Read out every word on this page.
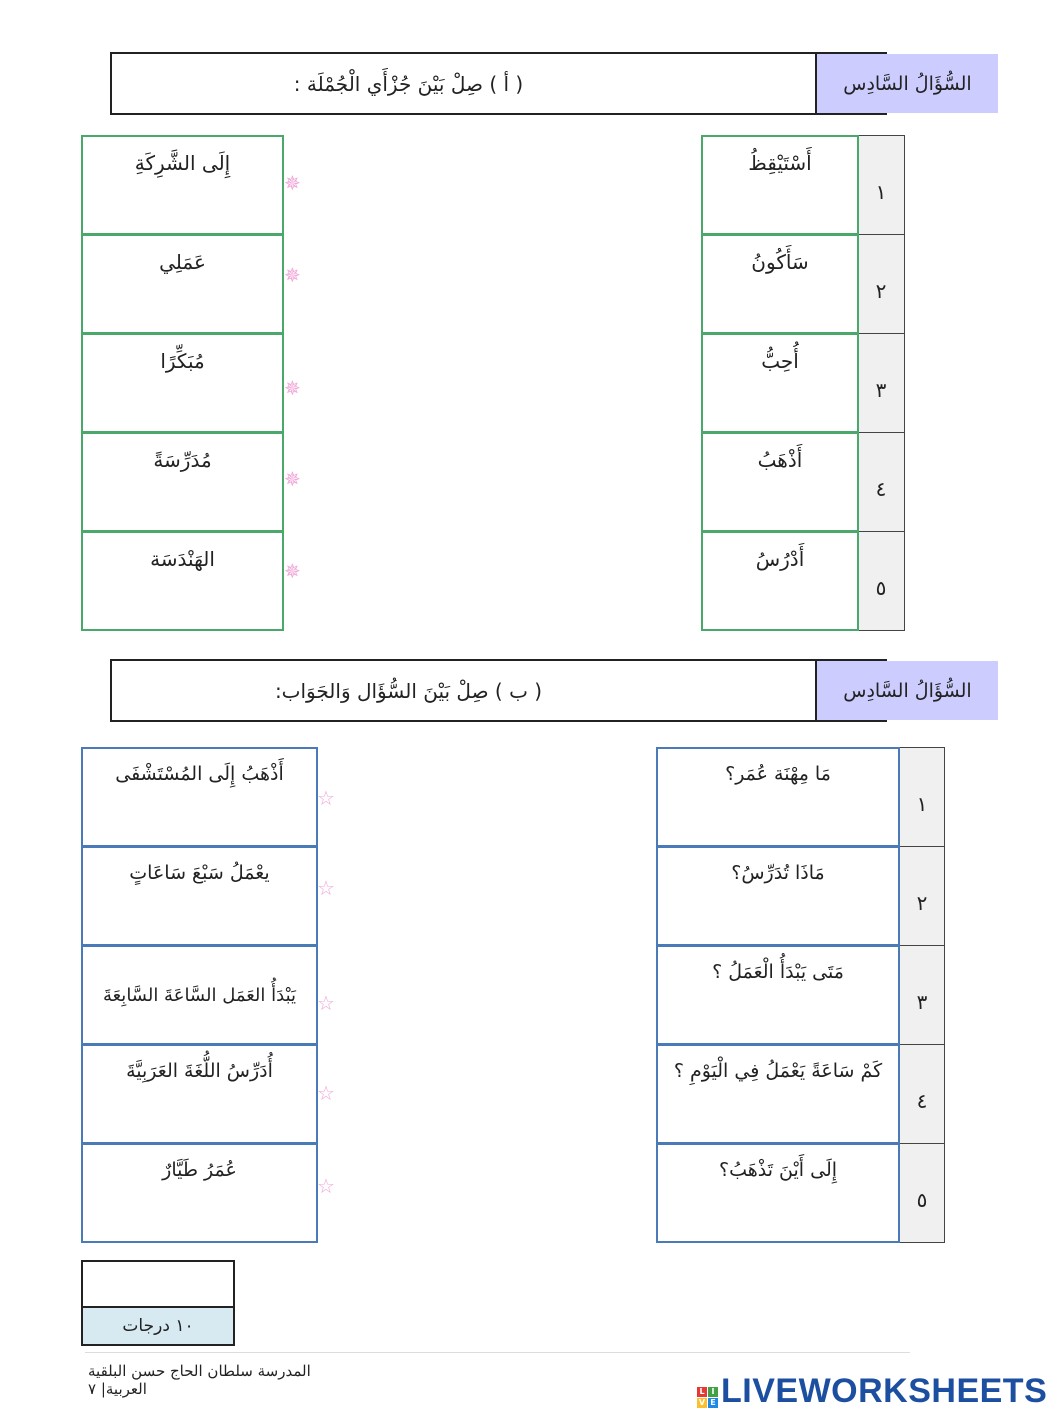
( أ ) صِلْ بَيْنَ جُزْأَي الْجُمْلَة :	السُّؤَالُ السَّادِس
١
أَسْتَيْقِظُ
إِلَى الشَّرِكَةِ
✵
٢
سَأَكُونُ
عَمَلِي
✵
٣
أُحِبُّ
مُبَكِّرًا
✵
٤
أَذْهَبُ
مُدَرِّسَةً
✵
٥
أَدْرُسُ
الهَنْدَسَة	✵
( ب ) صِلْ بَيْنَ السُّؤَال وَالجَوَاب:	السُّؤَالُ السَّادِس
١
مَا مِهْنَة عُمَر؟
أَذْهَبُ إِلَى المُسْتَشْفَى
☆
٢
مَاذَا تُدَرِّسُ؟
يعْمَلُ سَبْعَ سَاعَاتٍ
☆
٣
مَتَى يَبْدَأُ الْعَمَلُ ؟
يَبْدَأُ العَمَل السَّاعَةَ السَّابِعَةَ	☆
٤
كَمْ سَاعَةً يَعْمَلُ فِي الْيَوْمِ ؟
أُدَرِّسُ اللُّغَةَ العَرَبِيَّةَ
☆
٥
إِلَى أَيْنَ تَذْهَبُ؟
عُمَرُ طَيَّارٌ
☆
١٠ درجات
المدرسة سلطان الحاج حسن البلقية العربية| ٧	L I
V E LIVEWORKSHEETS
